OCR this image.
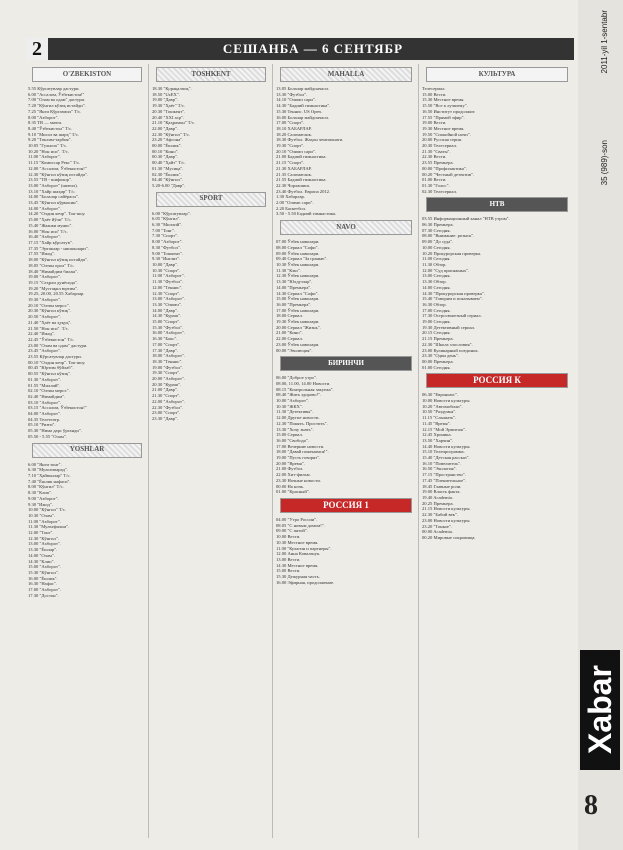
2	СЕШАНБА — 6 СЕНТЯБР
O'ZBEKISTON
5.55 Кўрсатувлар дастури.
6.00 "Ассалом, Ўзбекистон!"
7.00 "Олам ва одам" дастури.
7.20 "Кўнгил кўзиқ истайди".
7.25 "Янги Кўргазмил" Т/с.
8.00 "Ахборот".
8.35 ТВ — мачта.
8.40 "Ўзбекистон" Т/с.
9.10 "Мисол ва шарҳ" Т/с.
9.20 "Таълим-тарбия".
10.05 "Гулноза" Т/с.
10.20 "Нон иси". Т/с.
11.00 "Ахборот".
11.15 "Комиссар Рекс" Т/с.
12.00 "Ассалом, Ўзбекистон!"
12.30 "Кўнгил кўзиқ истайди".
13.55 "ТВ - шифокор".
13.00 "Ахборот" (шиғил).
13.10 "Хайр шаҳир" Т/с.
14.00 "Болалар сайёраси".
13.45 "Кўнгил кўрмасин".
14.00 "Ахборот".
14.20 "Олдин кечр". Ток-шоу.
15.00 "Ҳаёт йўли" Т/с.
15.40 "Жажжи мунис".
16.00 "Нон иси" Т/с.
16.40 "Ахборот".
17.15 "Хайр кўрсатув".
17.35 "Эртаклар - нишонлари".
17.55 "Ижод".
18.00 "Кўнгил кўзиқ истайди".
18.05 "Олтин орол" Т/с.
18.40 "Нимайдим билан".
19.00 "Ахборот".
19.15 "Сеҳрли дунёсида".
19.20 "Мустақил юртим".
19.25, 20.00, 20.55 Хабарлар.
19.30 "Ахборот".
20.10 "Олтин мерос".
20.30 "Кўнгил кўзиқ".
20.50 "Ахборот".
21.40 "Ҳаёт ва ҳуқуқ".
21.50 "Нон иси". Т/с.
22.40 "Ижод".
22.45 "Ўзбекистон" Т/с.
23.00 "Олам ва одам" дастури.
23.45 "Ахборот".
23.55 Кўрсатувлар дастури.
00.10 "Олдин кечр". Ток-шоу.
00.45 "Юртим бўйлаб".
00.55 "Кўнгил кўзиқ".
01.30 "Ахборот".
01.55 "Миллий".
02.10 "Олтин мерос".
02.40 "Нимайдим".
03.10 "Ахборот".
03.15 "Ассалом, Ўзбекистон!"
04.00 "Ахборот".
04.35 Телетеатр.
05.10 "Ризғи".
05.30 "Нима дарс ўрганди".
05.50 - 5.55 "Олам".
YOSHLAR
6.00 "Янги тонг".
6.30 "Мультипарад".
7.10 "Ҳайвонлар" Т/с.
7.40 "Ёшлик нафаси".
8.00 "Кўнгил" Т/с.
8.30 "Клип".
9.00 "Ахборот".
9.30 "Ижод".
10.00 "Кўнгил" Т/с.
10.30 "Олам".
11.00 "Ахборот".
11.30 "Мультфильм".
12.00 "Тонг".
12.30 "Кўнгил".
13.00 "Ахборот".
13.30 "Ёшлар".
14.00 "Олам".
14.30 "Клип".
15.00 "Ахборот".
15.30 "Кўнгил".
16.00 "Ёшлик".
16.30 "Нафас".
17.00 "Ахборот".
17.30 "Достон".
TOSHKENT
18.30 "Қорақалпоқ".
18.50 "UzEX".
19.00 "Давр".
19.30 "Ҳаёт" Т/с.
20.30 "Тошкент".
20.40 "XXI аср".
21.10 "Қаҳрамон" Т/с.
22.00 "Давр".
22.30 "Кўнгил" Т/с.
23.20 "Афсона".
00.00 "Ёшлик".
00.10 "Кино".
00.30 "Давр".
00.40 "Ҳайт" Т/с.
01.30 "Мусиқа".
02.30 "Ёшлик".
04.40 "Кўнгил".
5.20-6.00 "Давр".
SPORT
6.00 "Кўрсатувлар".
6.05 "Кўнгил".
6.30 "Миллий".
7.00 "Тонг".
7.30 "Спорт".
8.00 "Ахборот".
8.30 "Футбол".
9.00 "Тошкент".
9.30 "Инглиз".
10.00 "Давр".
10.30 "Спорт".
11.00 "Ахборот".
11.30 "Футбол".
12.00 "Теннис".
12.30 "Спорт".
13.00 "Ахборот".
13.30 "Олимп".
14.00 "Давр".
14.30 "Кураш".
15.00 "Спорт".
15.30 "Футбол".
16.00 "Ахборот".
16.30 "Бокс".
17.00 "Спорт".
17.30 "Давр".
18.00 "Ахборот".
18.30 "Теннис".
19.00 "Футбол".
19.30 "Спорт".
20.00 "Ахборот".
20.30 "Кураш".
21.00 "Давр".
21.30 "Спорт".
22.00 "Ахборот".
22.30 "Футбол".
23.00 "Спорт".
23.30 "Давр".
MAHALLA
13.05 Болалар майдончаси.
13.30 "Футбол".
14.10 "Олимп сари".
14.30 "Бадиий гимнастика".
15.30 Теннис. US Open.
16.00 Болалар майдончаси.
17.00 "Спорт".
18.10 ХАБАРЛАР.
18.20 Саломатлик.
18.30 Футбол. Жаҳон чемпионати.
19.30 "Спорт".
20.10 "Олимп сари".
21.00 Бадиий гимнастика.
21.15 "Спорт".
21.30 ХАБАРЛАР.
21.35 Саломатлик.
21.55 Бадиий гимнастика.
22.30 Чорлашиш.
23.40 Футбол. Европа 2012.
1.30 Хабарлар.
2.00 "Олимп сари".
2.20 Баскетбол.
3.50 - 5.50 Бадиий гимнастика.
NAVO
07.00 Ўзбек наволари.
08.00 Сериал "Софи".
09.00 Ўзбек наволари.
09.40 Сериал "За гранью".
10.30 Ўзбек наволари.
11.30 "Кэш".
12.30 Ўзбек наволари.
13.30 "Юлдузлар".
14.00 "Премьера".
14.30 Сериал "Софи".
15.00 Ўзбек наволари.
16.00 "Премьера".
17.00 Ўзбек наволари.
18.00 Сериал.
19.30 Ўзбек наволари.
20.00 Сериал "Жизнь".
21.00 "Кино".
22.00 Сериал.
23.00 Ўзбек наволари.
00.00 "Эволюция".
БИРИНЧИ
06.00 "Доброе утро".
08.00, 11.00, 14.00 Новости.
08.15 "Контрольная закупка".
08.40 "Жить здорово!".
10.00 "Ахборот".
10.30 "ЖКХ".
11.30 "Детективы".
12.00 Другие новости.
12.30 "Понять. Простить".
13.30 "Хочу знать".
15.00 Сериал.
16.00 "Свобода".
17.00 Вечерние новости.
18.00 "Давай поженимся!".
19.00 "Пусть говорят".
20.00 "Время".
21.00 Футбол.
22.00 Хит-фильм.
23.30 Ночные новости.
00.00 На ночь.
01.00 "Красный".
РОССИЯ 1
04.00 "Утро России".
08.05 "С новым домом!".
09.00 "С пятой".
10.00 Вести.
10.30 Местное время.
11.00 "Кулагин и партнеры".
12.00 Анна Ковальчук.
13.00 Вести.
14.30 Местное время.
15.00 Вести.
15.30 Дежурная часть.
16.00 Эфирная, продолжение.
КУЛЬТУРА
Телесериал.
15.00 Вести.
15.30 Местное время.
15.50 "Все к лучшему".
16.50 Институт продолжит.
17.55 "Прямой эфир".
19.00 Вести.
19.30 Местное время.
19.50 "Спокойной ночи".
20.00 Русская серия.
20.30 Телесериал.
21.30 "Сваты".
22.30 Вести.
23.55 Премьера.
00.00 "Профилактика".
00.20 "Честный детектив".
01.00 Вести.
01.30 "Голос".
02.30 Телесериал.
НТВ
03.55 Информационный канал "НТВ утром".
06.30 Премьера.
07.30 Сегодня.
08.00 "Внимание: розыск".
09.00 "До суда".
10.00 Сегодня.
10.20 Прокурорская проверка.
11.00 Сегодня.
11.30 Обзор.
12.00 "Суд присяжных".
13.00 Сегодня.
13.30 Обзор.
14.00 Сегодня.
14.30 "Прокурорская проверка".
15.40 "Говорим и показываем".
16.30 Обзор.
17.00 Сегодня.
17.30 Остросюжетный сериал.
19.00 Сегодня.
19.30 Детективный сериал.
20.15 Сегодня.
21.15 Премьера.
22.30 "Школа злословия".
23.00 Кулинарный поединок.
23.30 "Один день".
00.00 Премьера.
01.00 Сегодня.
РОССИЯ К
06.30 "Евроньюс".
10.00 Новости культуры.
10.20 "Автомобили".
10.50 "Раздумья".
11.15 "Слышать".
11.45 "Время".
12.15 "Мой Эрмитаж".
12.45 Хроника.
13.50 "Харчин".
14.40 Новости культуры.
15.10 Телепрограмма.
15.40 "Детская рассказ".
16.10 "Повелитель".
16.50 "Экология".
17.15 "Пространство".
17.45 "Пленительное".
18.45 Главные роли.
19.00 Власть факта.
19.40 Academia.
20.25 Премьера.
21.15 Новости культуры.
22.30 "Бабий век".
23.00 Новости культуры.
23.20 "Тонкое".
00.00 Academia.
00.20 Мировые сокровища.
2011-yil 1-sentabr
35 (989)-son
Xabar
8
